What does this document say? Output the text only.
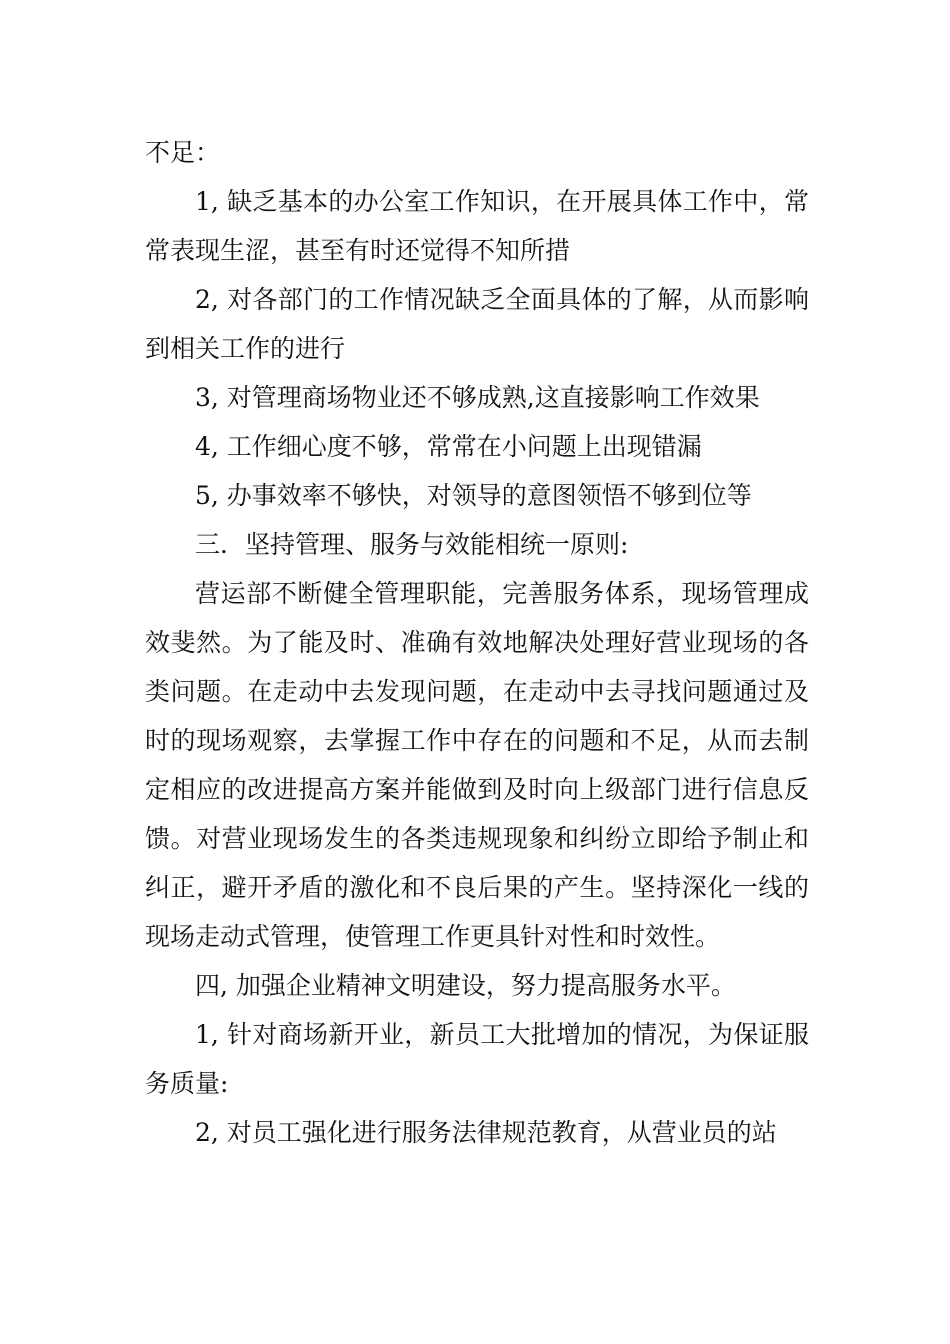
不足：

1, 缺乏基本的办公室工作知识，在开展具体工作中，常常表现生涩，甚至有时还觉得不知所措

2, 对各部门的工作情况缺乏全面具体的了解，从而影响到相关工作的进行

3, 对管理商场物业还不够成熟,这直接影响工作效果

4, 工作细心度不够，常常在小问题上出现错漏

5, 办事效率不够快，对领导的意图领悟不够到位等

三．坚持管理、服务与效能相统一原则:

营运部不断健全管理职能，完善服务体系，现场管理成效斐然。为了能及时、准确有效地解决处理好营业现场的各类问题。在走动中去发现问题，在走动中去寻找问题通过及时的现场观察，去掌握工作中存在的问题和不足，从而去制定相应的改进提高方案并能做到及时向上级部门进行信息反馈。对营业现场发生的各类违规现象和纠纷立即给予制止和纠正，避开矛盾的激化和不良后果的产生。坚持深化一线的现场走动式管理，使管理工作更具针对性和时效性。

四, 加强企业精神文明建设，努力提高服务水平。

1, 针对商场新开业，新员工大批增加的情况，为保证服务质量:

2, 对员工强化进行服务法律规范教育，从营业员的站
